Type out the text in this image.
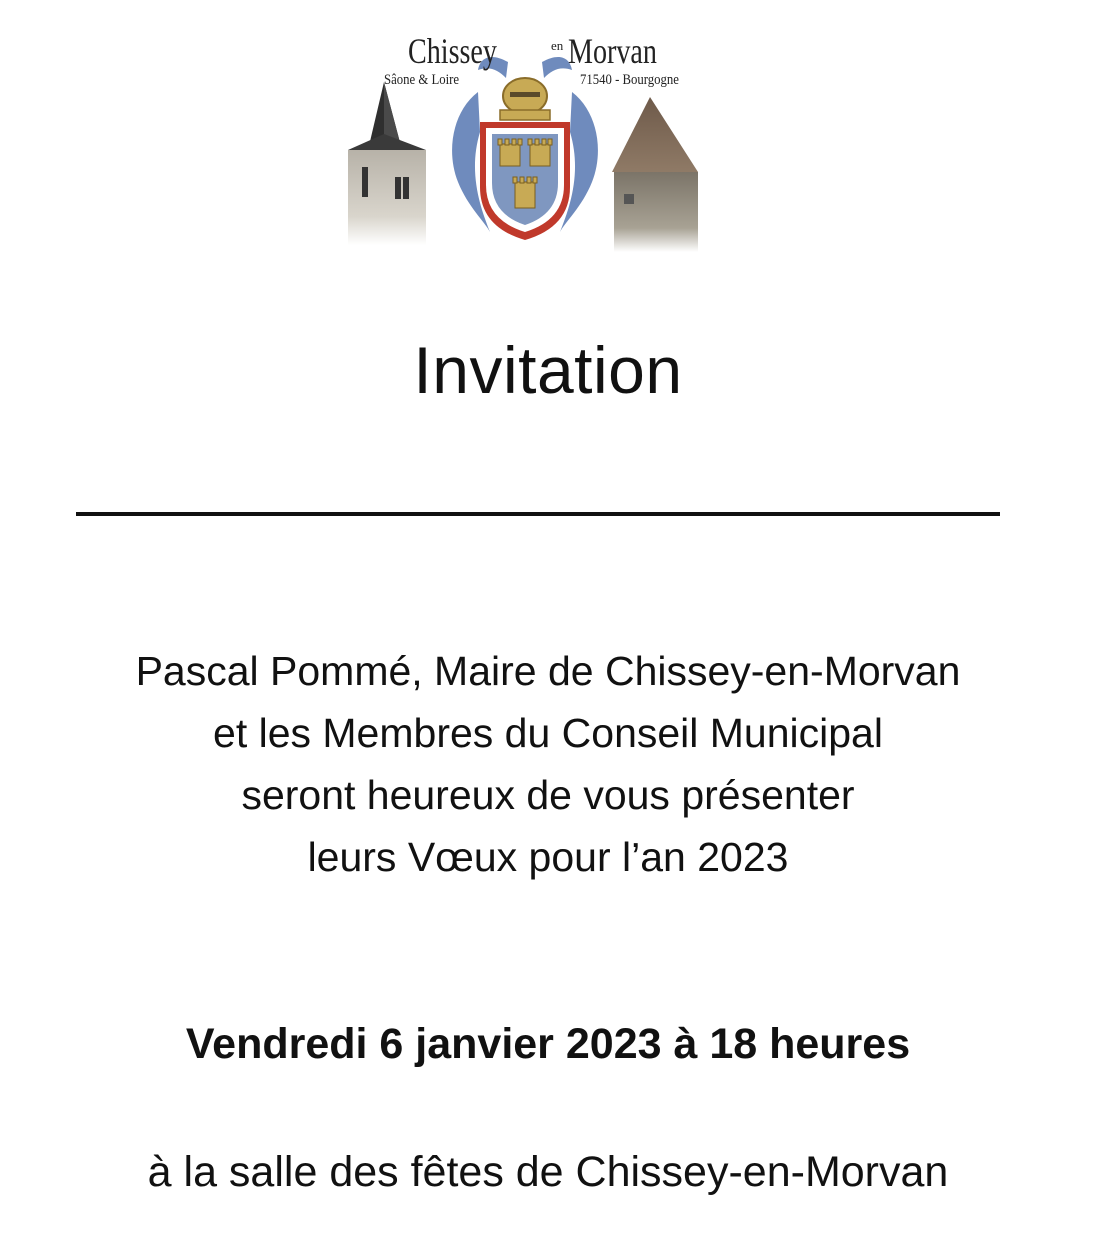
Chissey	en Morvan
Sâone & Loire	71540 - Bourgogne
Invitation
Pascal Pommé, Maire de Chissey-en-Morvan
et les Membres du Conseil Municipal
seront heureux de vous présenter
leurs Vœux pour l’an 2023
Vendredi 6 janvier 2023 à 18 heures
à la salle des fêtes de Chissey-en-Morvan
